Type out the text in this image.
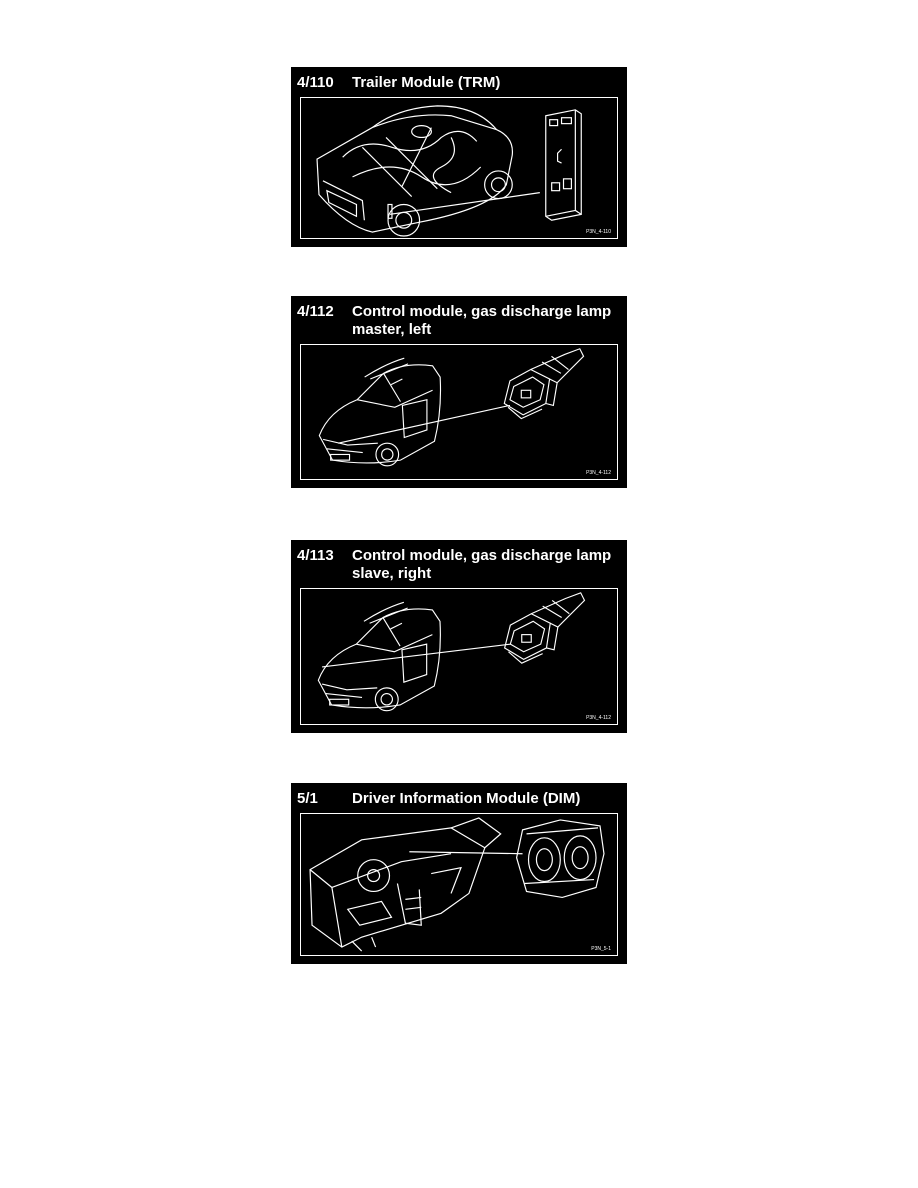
4/110	Trailer Module (TRM)
P3N_4-110
4/112	Control module, gas discharge lamp master, left
P3N_4-112
4/113	Control module, gas discharge lamp slave, right
P3N_4-112
5/1	Driver Information Module (DIM)
P3N_5-1
